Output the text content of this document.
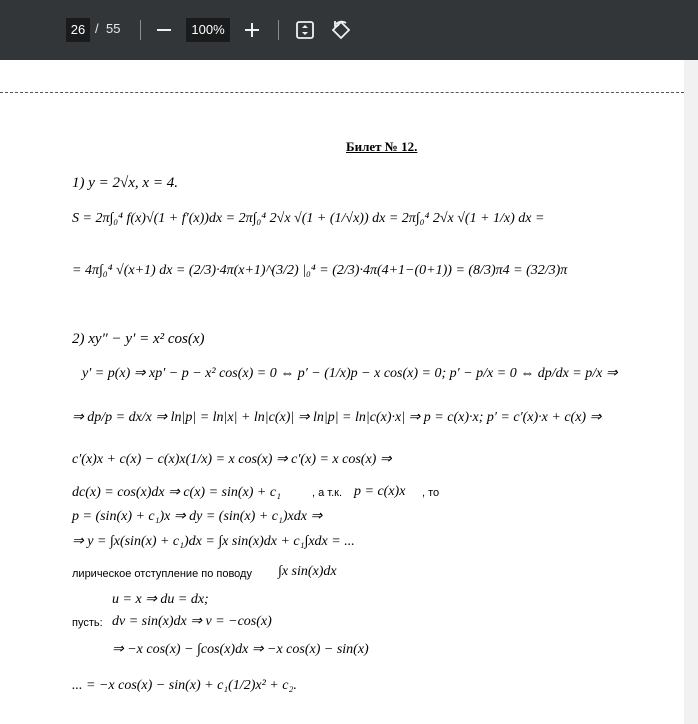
26 / 55	100%
Билет № 12.
1) y = 2√x, x = 4.
S = 2π∫₀⁴ f(x)√(1 + f′(x))dx = 2π∫₀⁴ 2√x √(1 + (1/√x)) dx = 2π∫₀⁴ 2√x √(1 + 1/x) dx =
= 4π∫₀⁴ √(x+1) dx = (2/3)·4π(x+1)^(3/2) |₀⁴ = (2/3)·4π(4+1−(0+1)) = (8/3)π4 = (32/3)π
2) xy″ − y′ = x² cos(x)
y′ = p(x) ⇒ xp′ − p − x² cos(x) = 0 ⇔ p′ − (1/x)p − x cos(x) = 0; p′ − p/x = 0 ⇔ dp/dx = p/x ⇒
⇒ dp/p = dx/x ⇒ ln|p| = ln|x| + ln|c(x)| ⇒ ln|p| = ln|c(x)·x| ⇒ p = c(x)·x; p′ = c′(x)·x + c(x) ⇒
c′(x)x + c(x) − c(x)x(1/x) = x cos(x) ⇒ c′(x) = x cos(x) ⇒
dc(x) = cos(x)dx ⇒ c(x) = sin(x) + c₁	, а т.к. p = c(x)x , то
p = (sin(x) + c₁)x ⇒ dy = (sin(x) + c₁)xdx ⇒
⇒ y = ∫x(sin(x) + c₁)dx = ∫x sin(x)dx + c₁∫xdx = ...
лирическое отступление по поводу ∫x sin(x)dx
u = x ⇒ du = dx;
пусть: dv = sin(x)dx ⇒ v = −cos(x)
⇒ −x cos(x) − ∫cos(x)dx ⇒ −x cos(x) − sin(x)
... = −x cos(x) − sin(x) + c₁(1/2)x² + c₂.
